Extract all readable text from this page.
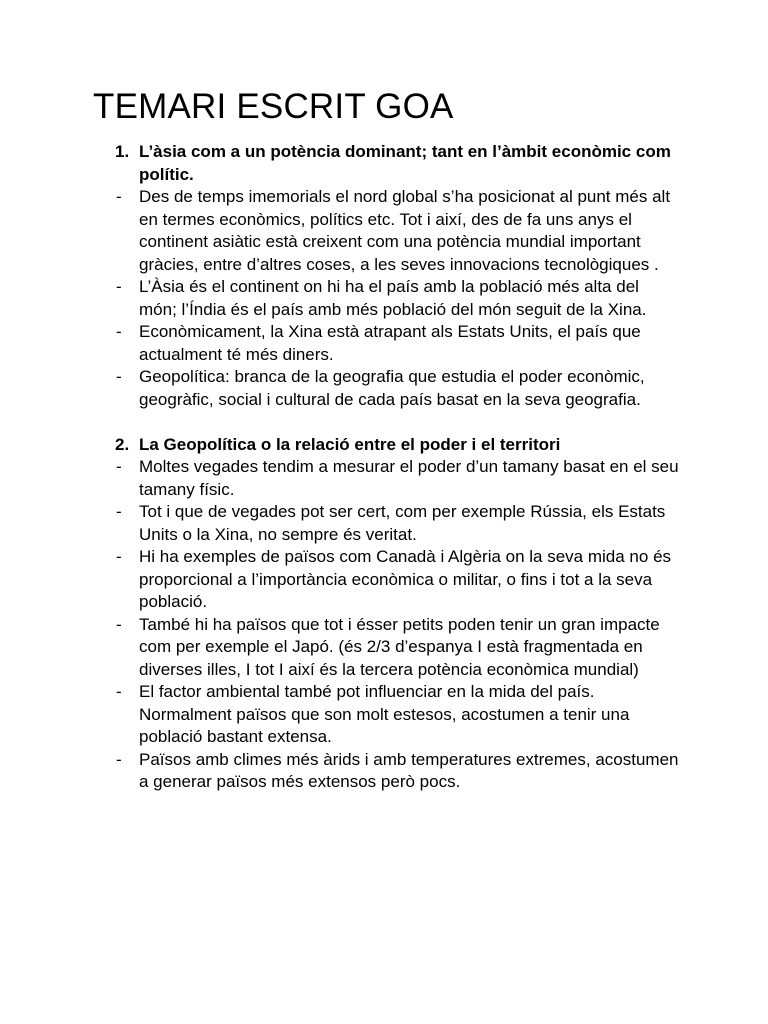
TEMARI ESCRIT GOA
1. L’àsia com a un potència dominant; tant en l’àmbit econòmic com polític.
- Des de temps imemorials el nord global s’ha posicionat al punt més alt en termes econòmics, polítics etc. Tot i així, des de fa uns anys el continent asiàtic està creixent com una potència mundial important gràcies, entre d’altres coses, a les seves innovacions tecnològiques .
- L’Àsia és el continent on hi ha el país amb la població més alta del món; l’Índia és el país amb més població del món seguit de la Xina.
- Econòmicament, la Xina està atrapant als Estats Units, el país que actualment té més diners.
- Geopolítica: branca de la geografia que estudia el poder econòmic, geogràfic, social i cultural de cada país basat en la seva geografia.
2. La Geopolítica o la relació entre el poder i el territori
- Moltes vegades tendim a mesurar el poder d’un tamany basat en el seu tamany físic.
- Tot i que de vegades pot ser cert, com per exemple Rússia, els Estats Units o la Xina, no sempre és veritat.
- Hi ha exemples de països com Canadà i Algèria on la seva mida no és proporcional a l’importància econòmica o militar, o fins i tot a la seva població.
- També hi ha països que tot i ésser petits poden tenir un gran impacte com per exemple el Japó. (és 2/3 d’espanya I està fragmentada en diverses illes, I tot I així és la tercera potència econòmica mundial)
- El factor ambiental també pot influenciar en la mida del país. Normalment països que son molt estesos, acostumen a tenir una població bastant extensa.
- Països amb climes més àrids i amb temperatures extremes, acostumen a generar països més extensos però pocs.
